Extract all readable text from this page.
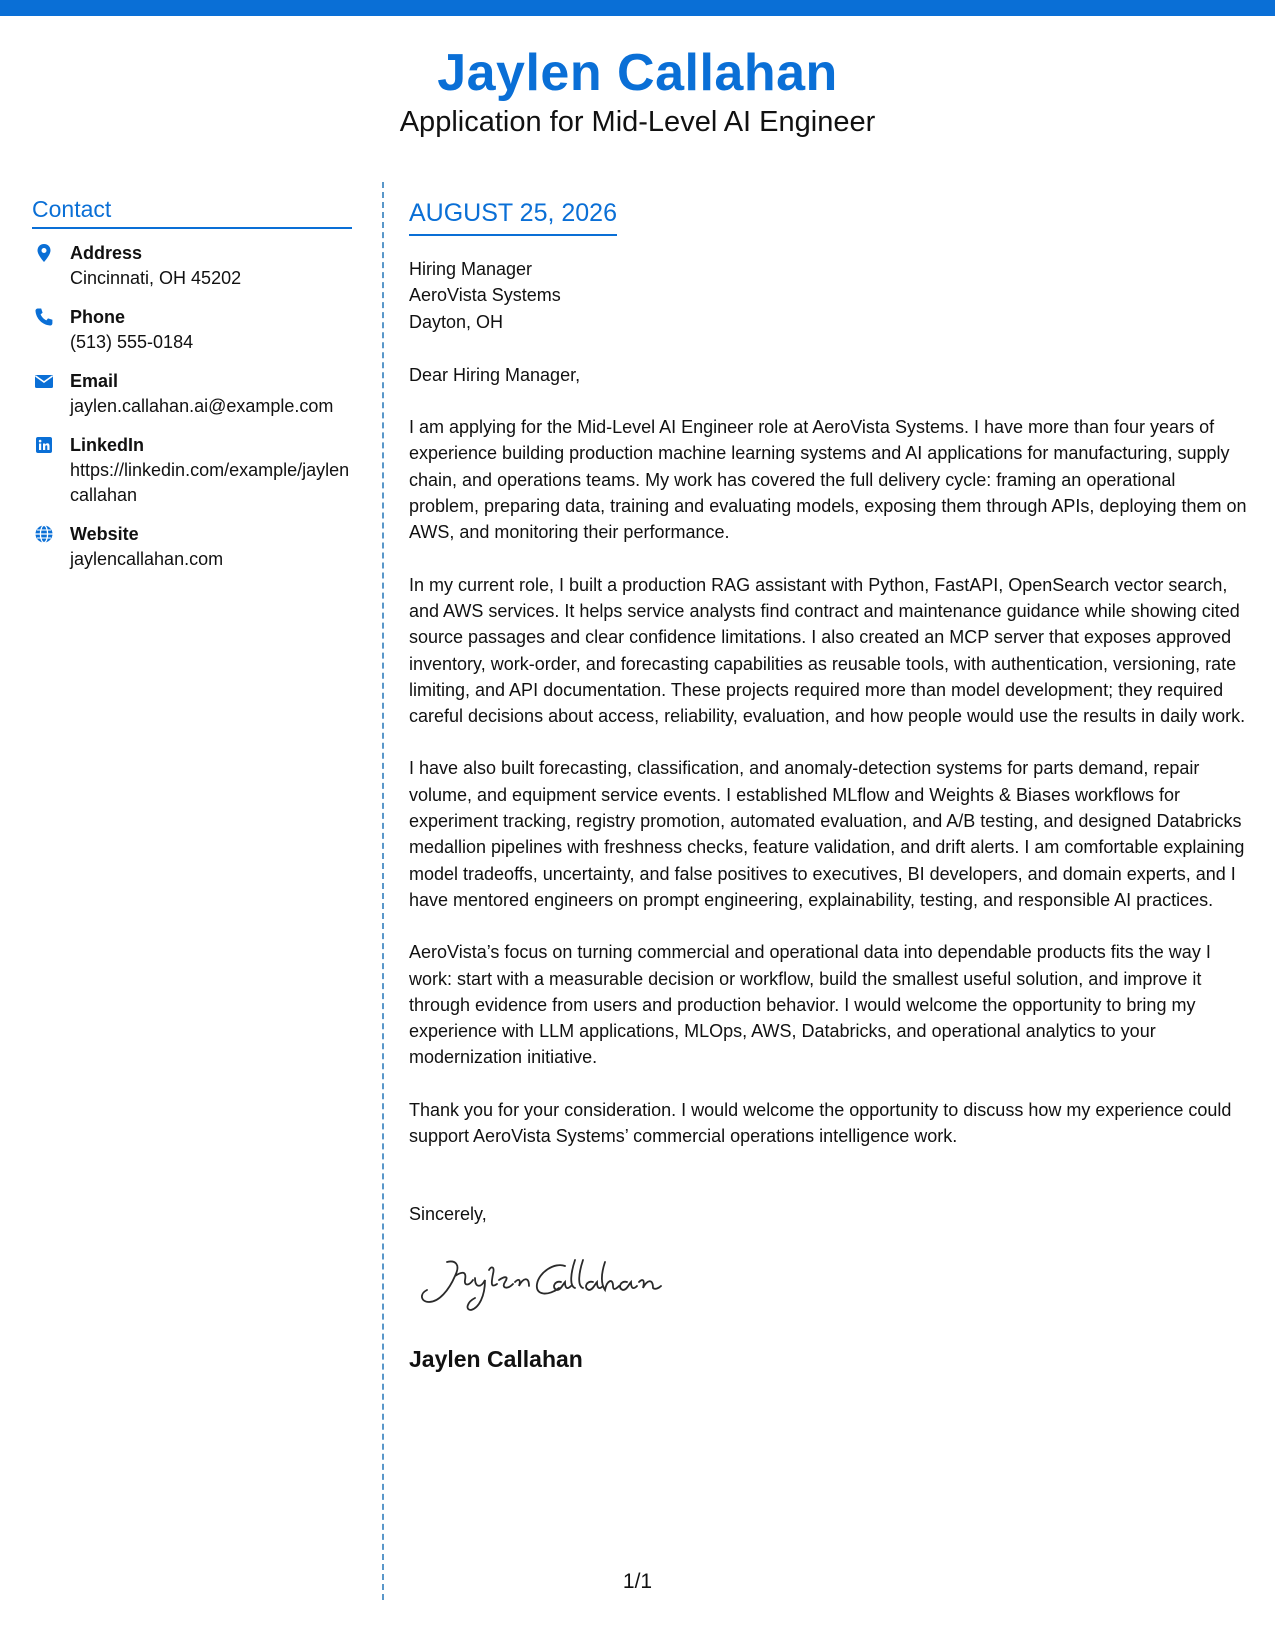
Jaylen Callahan
Application for Mid-Level AI Engineer
Contact
Address
Cincinnati, OH 45202
Phone
(513) 555-0184
Email
jaylen.callahan.ai@example.com
LinkedIn
https://linkedin.com/example/jaylencallahan
Website
jaylencallahan.com
AUGUST 25, 2026
Hiring Manager
AeroVista Systems
Dayton, OH
Dear Hiring Manager,

I am applying for the Mid-Level AI Engineer role at AeroVista Systems. I have more than four years of experience building production machine learning systems and AI applications for manufacturing, supply chain, and operations teams. My work has covered the full delivery cycle: framing an operational problem, preparing data, training and evaluating models, exposing them through APIs, deploying them on AWS, and monitoring their performance.

In my current role, I built a production RAG assistant with Python, FastAPI, OpenSearch vector search, and AWS services. It helps service analysts find contract and maintenance guidance while showing cited source passages and clear confidence limitations. I also created an MCP server that exposes approved inventory, work-order, and forecasting capabilities as reusable tools, with authentication, versioning, rate limiting, and API documentation. These projects required more than model development; they required careful decisions about access, reliability, evaluation, and how people would use the results in daily work.

I have also built forecasting, classification, and anomaly-detection systems for parts demand, repair volume, and equipment service events. I established MLflow and Weights & Biases workflows for experiment tracking, registry promotion, automated evaluation, and A/B testing, and designed Databricks medallion pipelines with freshness checks, feature validation, and drift alerts. I am comfortable explaining model tradeoffs, uncertainty, and false positives to executives, BI developers, and domain experts, and I have mentored engineers on prompt engineering, explainability, testing, and responsible AI practices.

AeroVista’s focus on turning commercial and operational data into dependable products fits the way I work: start with a measurable decision or workflow, build the smallest useful solution, and improve it through evidence from users and production behavior. I would welcome the opportunity to bring my experience with LLM applications, MLOps, AWS, Databricks, and operational analytics to your modernization initiative.

Thank you for your consideration. I would welcome the opportunity to discuss how my experience could support AeroVista Systems’ commercial operations intelligence work.

Sincerely,
Jaylen Callahan
1/1
